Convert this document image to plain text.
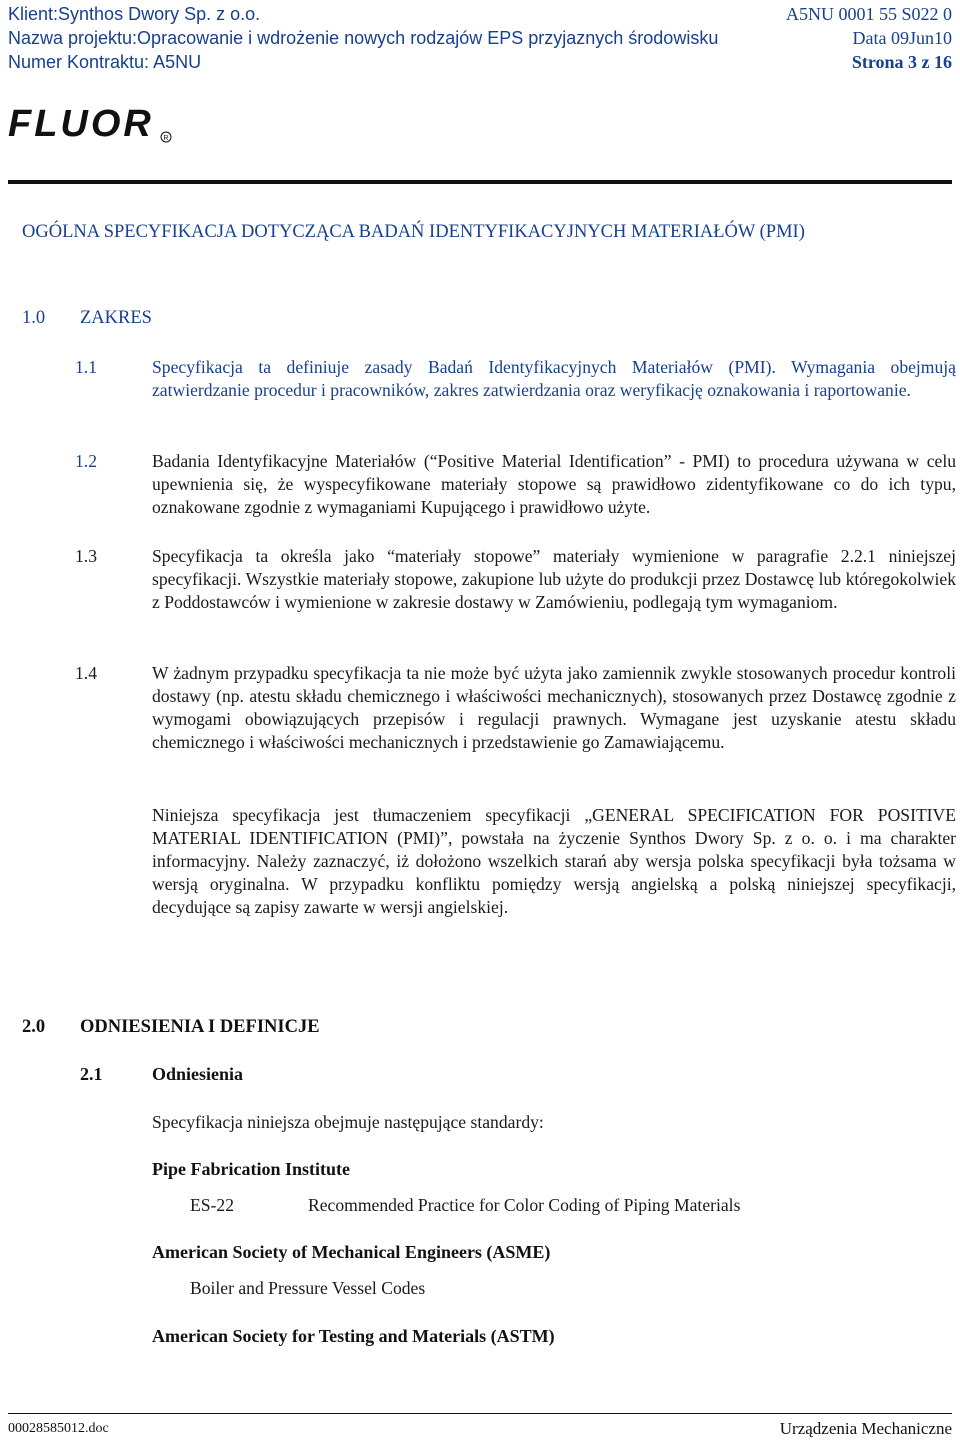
Klient:Synthos Dwory Sp. z o.o.	A5NU 0001 55 S022 0
Nazwa projektu:Opracowanie i wdrożenie nowych rodzajów EPS przyjaznych środowisku	Data 09Jun10
Numer Kontraktu: A5NU	Strona 3 z 16
FLUOR R
OGÓLNA SPECYFIKACJA DOTYCZĄCA BADAŃ IDENTYFIKACYJNYCH MATERIAŁÓW (PMI)
1.0 ZAKRES
1.1	Specyfikacja ta definiuje zasady Badań Identyfikacyjnych Materiałów (PMI). Wymagania obejmują zatwierdzanie procedur i pracowników, zakres zatwierdzania oraz weryfikację oznakowania i raportowanie.
1.2	Badania Identyfikacyjne Materiałów (“Positive Material Identification” - PMI) to procedura używana w celu upewnienia się, że wyspecyfikowane materiały stopowe są prawidłowo zidentyfikowane co do ich typu, oznakowane zgodnie z wymaganiami Kupującego i prawidłowo użyte.
1.3	Specyfikacja ta określa jako “materiały stopowe” materiały wymienione w paragrafie 2.2.1 niniejszej specyfikacji. Wszystkie materiały stopowe, zakupione lub użyte do produkcji przez Dostawcę lub któregokolwiek z Poddostawców i wymienione w zakresie dostawy w Zamówieniu, podlegają tym wymaganiom.
1.4	W żadnym przypadku specyfikacja ta nie może być użyta jako zamiennik zwykle stosowanych procedur kontroli dostawy (np. atestu składu chemicznego i właściwości mechanicznych), stosowanych przez Dostawcę zgodnie z wymogami obowiązujących przepisów i regulacji prawnych. Wymagane jest uzyskanie atestu składu chemicznego i właściwości mechanicznych i przedstawienie go Zamawiającemu.
Niniejsza specyfikacja jest tłumaczeniem specyfikacji „GENERAL SPECIFICATION FOR POSITIVE MATERIAL IDENTIFICATION (PMI)”, powstała na życzenie Synthos Dwory Sp. z o. o. i ma charakter informacyjny. Należy zaznaczyć, iż dołożono wszelkich starań aby wersja polska specyfikacji była tożsama w wersją oryginalna. W przypadku konfliktu pomiędzy wersją angielską a polską niniejszej specyfikacji, decydujące są zapisy zawarte w wersji angielskiej.
2.0 ODNIESIENIA I DEFINICJE
2.1	Odniesienia
Specyfikacja niniejsza obejmuje następujące standardy:
Pipe Fabrication Institute
ES-22	Recommended Practice for Color Coding of Piping Materials
American Society of Mechanical Engineers (ASME)
Boiler and Pressure Vessel Codes
American Society for Testing and Materials (ASTM)
00028585012.doc	Urządzenia Mechaniczne
